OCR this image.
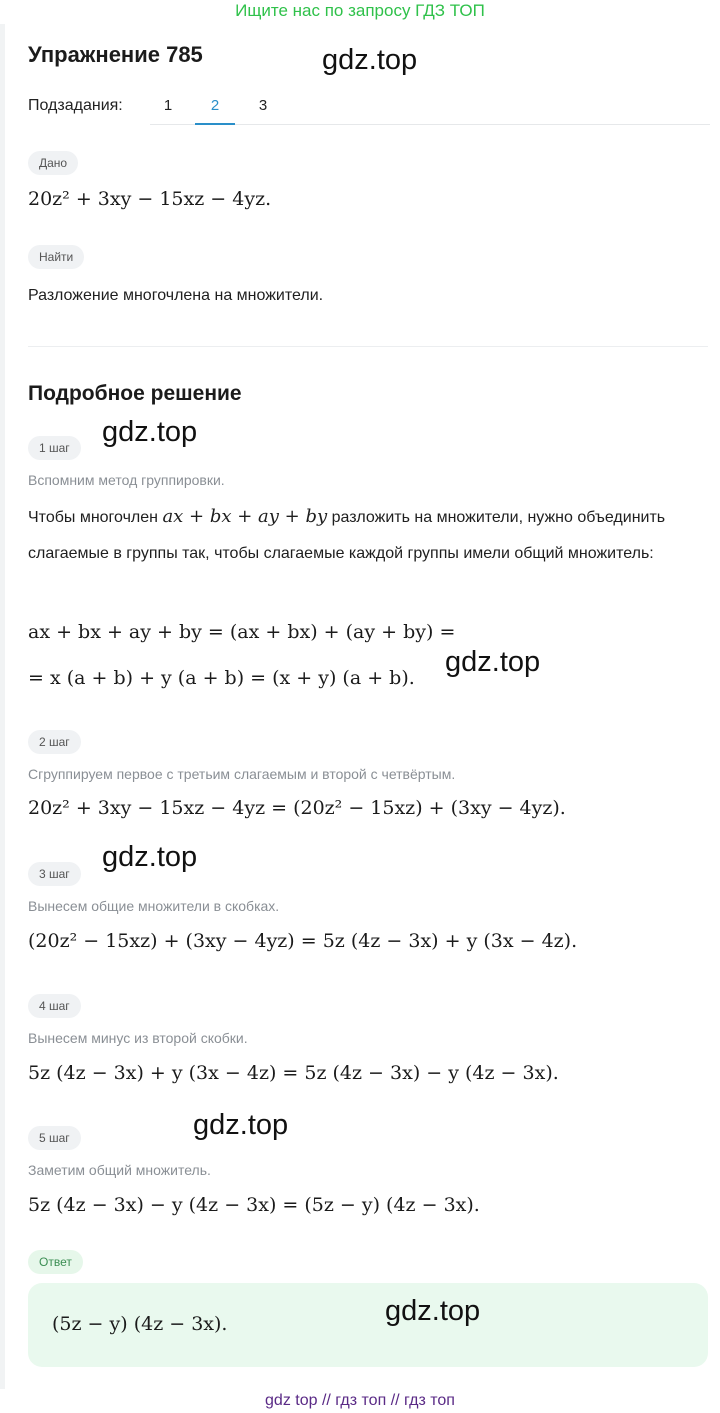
Ищите нас по запросу ГДЗ ТОП
Упражнение 785	gdz.top
Подзадания:	1	2	3
Дано
20z² + 3xy − 15xz − 4yz.
Найти
Разложение многочлена на множители.
Подробное решение
1 шаг	gdz.top
Вспомним метод группировки.
Чтобы многочлен ax + bx + ay + by разложить на множители, нужно объединить слагаемые в группы так, чтобы слагаемые каждой группы имели общий множитель:
ax + bx + ay + by = (ax + bx) + (ay + by) =
gdz.top
= x (a + b) + y (a + b) = (x + y) (a + b).
2 шаг
Сгруппируем первое с третьим слагаемым и второй с четвёртым.
20z² + 3xy − 15xz − 4yz = (20z² − 15xz) + (3xy − 4yz).
gdz.top
3 шаг
Вынесем общие множители в скобках.
(20z² − 15xz) + (3xy − 4yz) = 5z (4z − 3x) + y (3x − 4z).
4 шаг
Вынесем минус из второй скобки.
5z (4z − 3x) + y (3x − 4z) = 5z (4z − 3x) − y (4z − 3x).
gdz.top
5 шаг
Заметим общий множитель.
5z (4z − 3x) − y (4z − 3x) = (5z − y) (4z − 3x).
Ответ
(5z − y) (4z − 3x).	gdz.top
gdz top // гдз топ // гдз топ
